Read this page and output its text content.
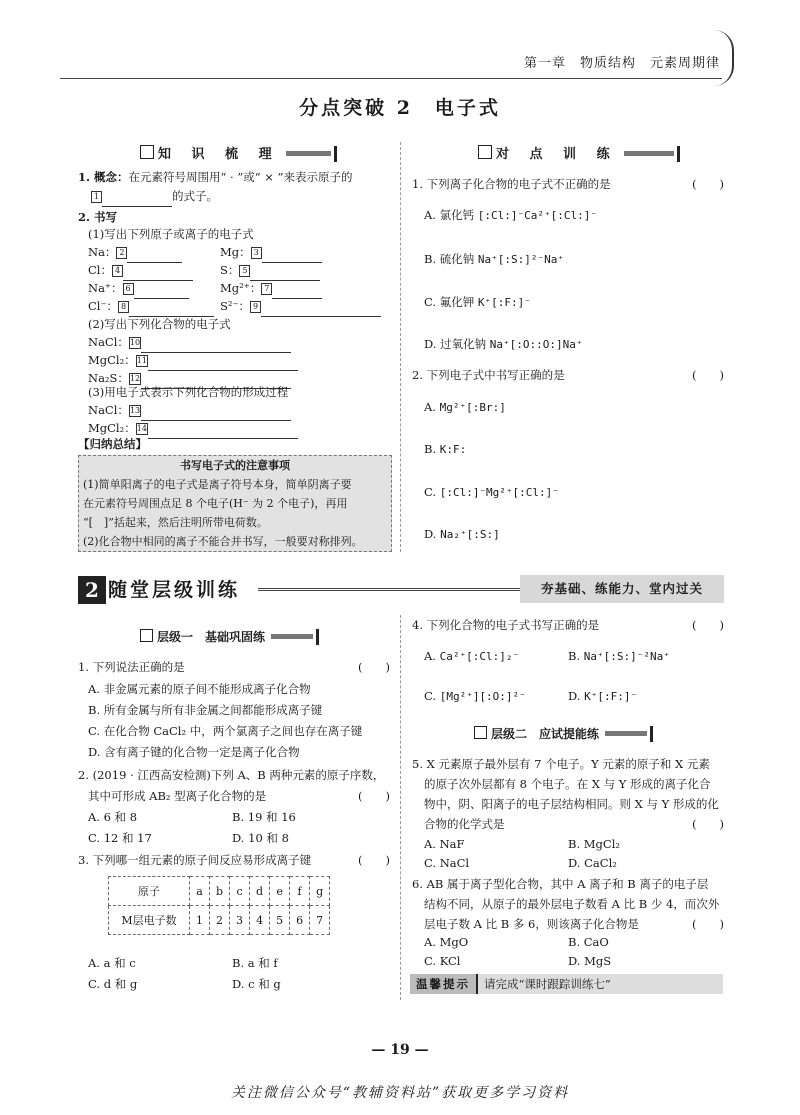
第一章　物质结构　元素周期律
分点突破 2　电子式
知 识 梳 理
1. 概念：在元素符号周围用“ · ”或“ × ”来表示原子的
1	的式子。
2. 书写
(1)写出下列原子或离子的电子式
Na： 2	Mg： 3
Cl： 4	S： 5
Na⁺： 6	Mg²⁺： 7
Cl⁻： 8	S²⁻： 9
(2)写出下列化合物的电子式
NaCl：10
MgCl₂：11
Na₂S：12
(3)用电子式表示下列化合物的形成过程
NaCl：13
MgCl₂：14
【归纳总结】
书写电子式的注意事项

(1)简单阳离子的电子式是离子符号本身，简单阴离子要

在元素符号周围点足 8 个电子(H⁻ 为 2 个电子)，再用

“[　]”括起来，然后注明所带电荷数。

(2)化合物中相同的离子不能合并书写，一般要对称排列。

对 点 训 练
1. 下列离子化合物的电子式不正确的是	(　　)
A. 氯化钙 [:Cl:]⁻Ca²⁺[:Cl:]⁻
B. 硫化钠 Na⁺[:S:]²⁻Na⁺
C. 氟化钾 K⁺[:F:]⁻
D. 过氧化钠 Na⁺[:O::O:]Na⁺
2. 下列电子式中书写正确的是	(　　)
A. Mg²⁺[:Br:]
B. K:F:
C. [:Cl:]⁻Mg²⁺[:Cl:]⁻
D. Na₂⁺[:S:]
2 随堂层级训练	夯基础、练能力、堂内过关
层级一　基础巩固练
1. 下列说法正确的是	(　　)
A. 非金属元素的原子间不能形成离子化合物
B. 所有金属与所有非金属之间都能形成离子键
C. 在化合物 CaCl₂ 中，两个氯离子之间也存在离子键
D. 含有离子键的化合物一定是离子化合物
2. (2019 · 江西高安检测)下列 A、B 两种元素的原子序数，
其中可形成 AB₂ 型离子化合物的是	(　　)
A. 6 和 8	B. 19 和 16
C. 12 和 17	D. 10 和 8
3. 下列哪一组元素的原子间反应易形成离子键	(　　)
原子	a	b	c	d	e	f	g
M层电子数	1	2	3	4	5	6	7
A. a 和 c	B. a 和 f
C. d 和 g	D. c 和 g
4. 下列化合物的电子式书写正确的是	(　　)
A. Ca²⁺[:Cl:]₂⁻	B. Na⁺[:S:]⁻²Na⁺
C. [Mg²⁺][:O:]²⁻	D. K⁺[:F:]⁻
层级二　应试提能练
5. X 元素原子最外层有 7 个电子。Y 元素的原子和 X 元素
的原子次外层都有 8 个电子。在 X 与 Y 形成的离子化合
物中，阴、阳离子的电子层结构相同。则 X 与 Y 形成的化
合物的化学式是	(　　)
A. NaF	B. MgCl₂
C. NaCl	D. CaCl₂
6. AB 属于离子型化合物，其中 A 离子和 B 离子的电子层
结构不同，从原子的最外层电子数看 A 比 B 少 4，而次外
层电子数 A 比 B 多 6，则该离子化合物是	(　　)
A. MgO	B. CaO
C. KCl	D. MgS
温馨提示 请完成“课时跟踪训练七”
— 19 —
关注微信公众号“教辅资料站”获取更多学习资料
